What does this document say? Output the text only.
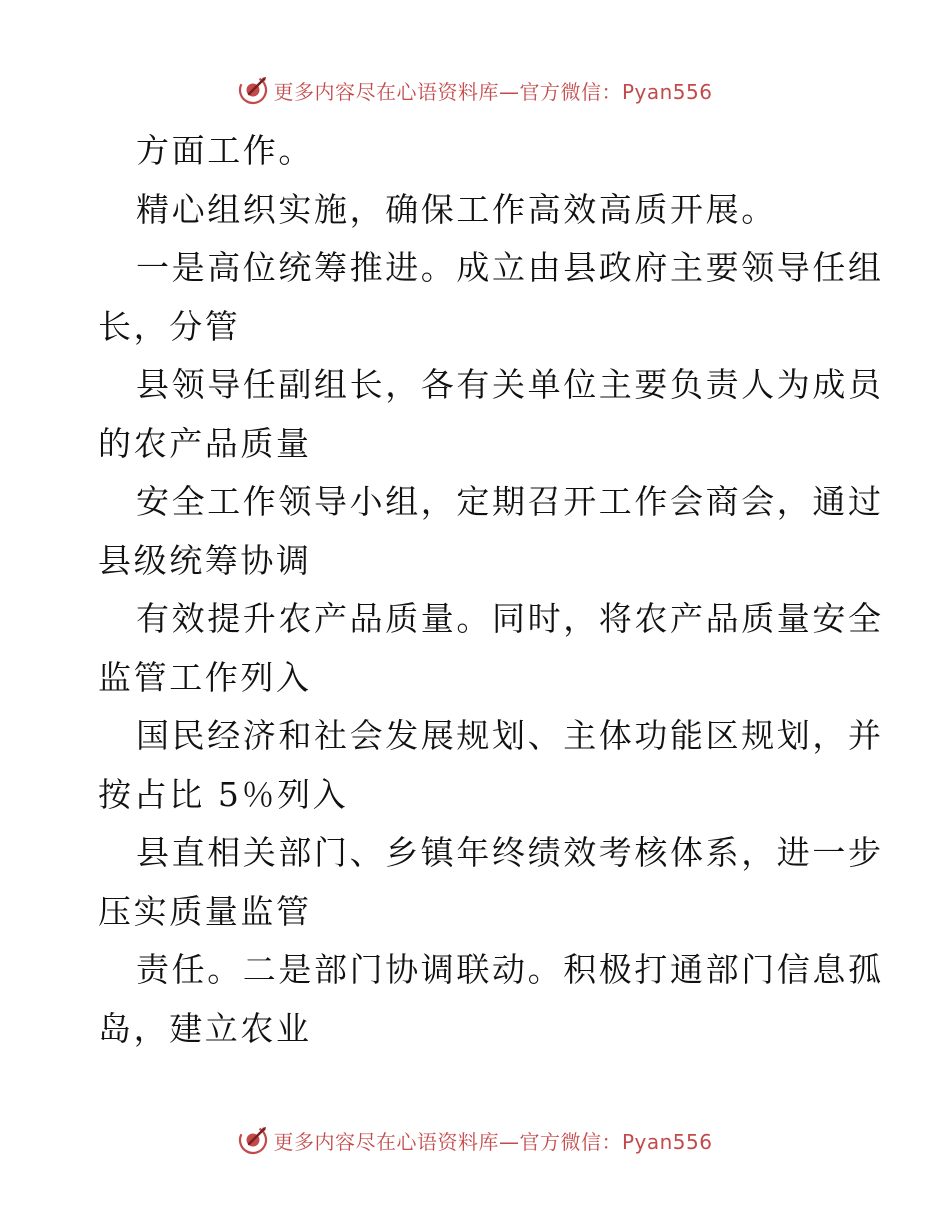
更多内容尽在心语资料库—官方微信：Pyan556
方面工作。
精心组织实施，确保工作高效高质开展。
一是高位统筹推进。成立由县政府主要领导任组
长，分管
县领导任副组长，各有关单位主要负责人为成员
的农产品质量
安全工作领导小组，定期召开工作会商会，通过
县级统筹协调
有效提升农产品质量。同时，将农产品质量安全
监管工作列入
国民经济和社会发展规划、主体功能区规划，并
按占比 5％列入
县直相关部门、乡镇年终绩效考核体系，进一步
压实质量监管
责任。二是部门协调联动。积极打通部门信息孤
岛，建立农业
更多内容尽在心语资料库—官方微信：Pyan556
